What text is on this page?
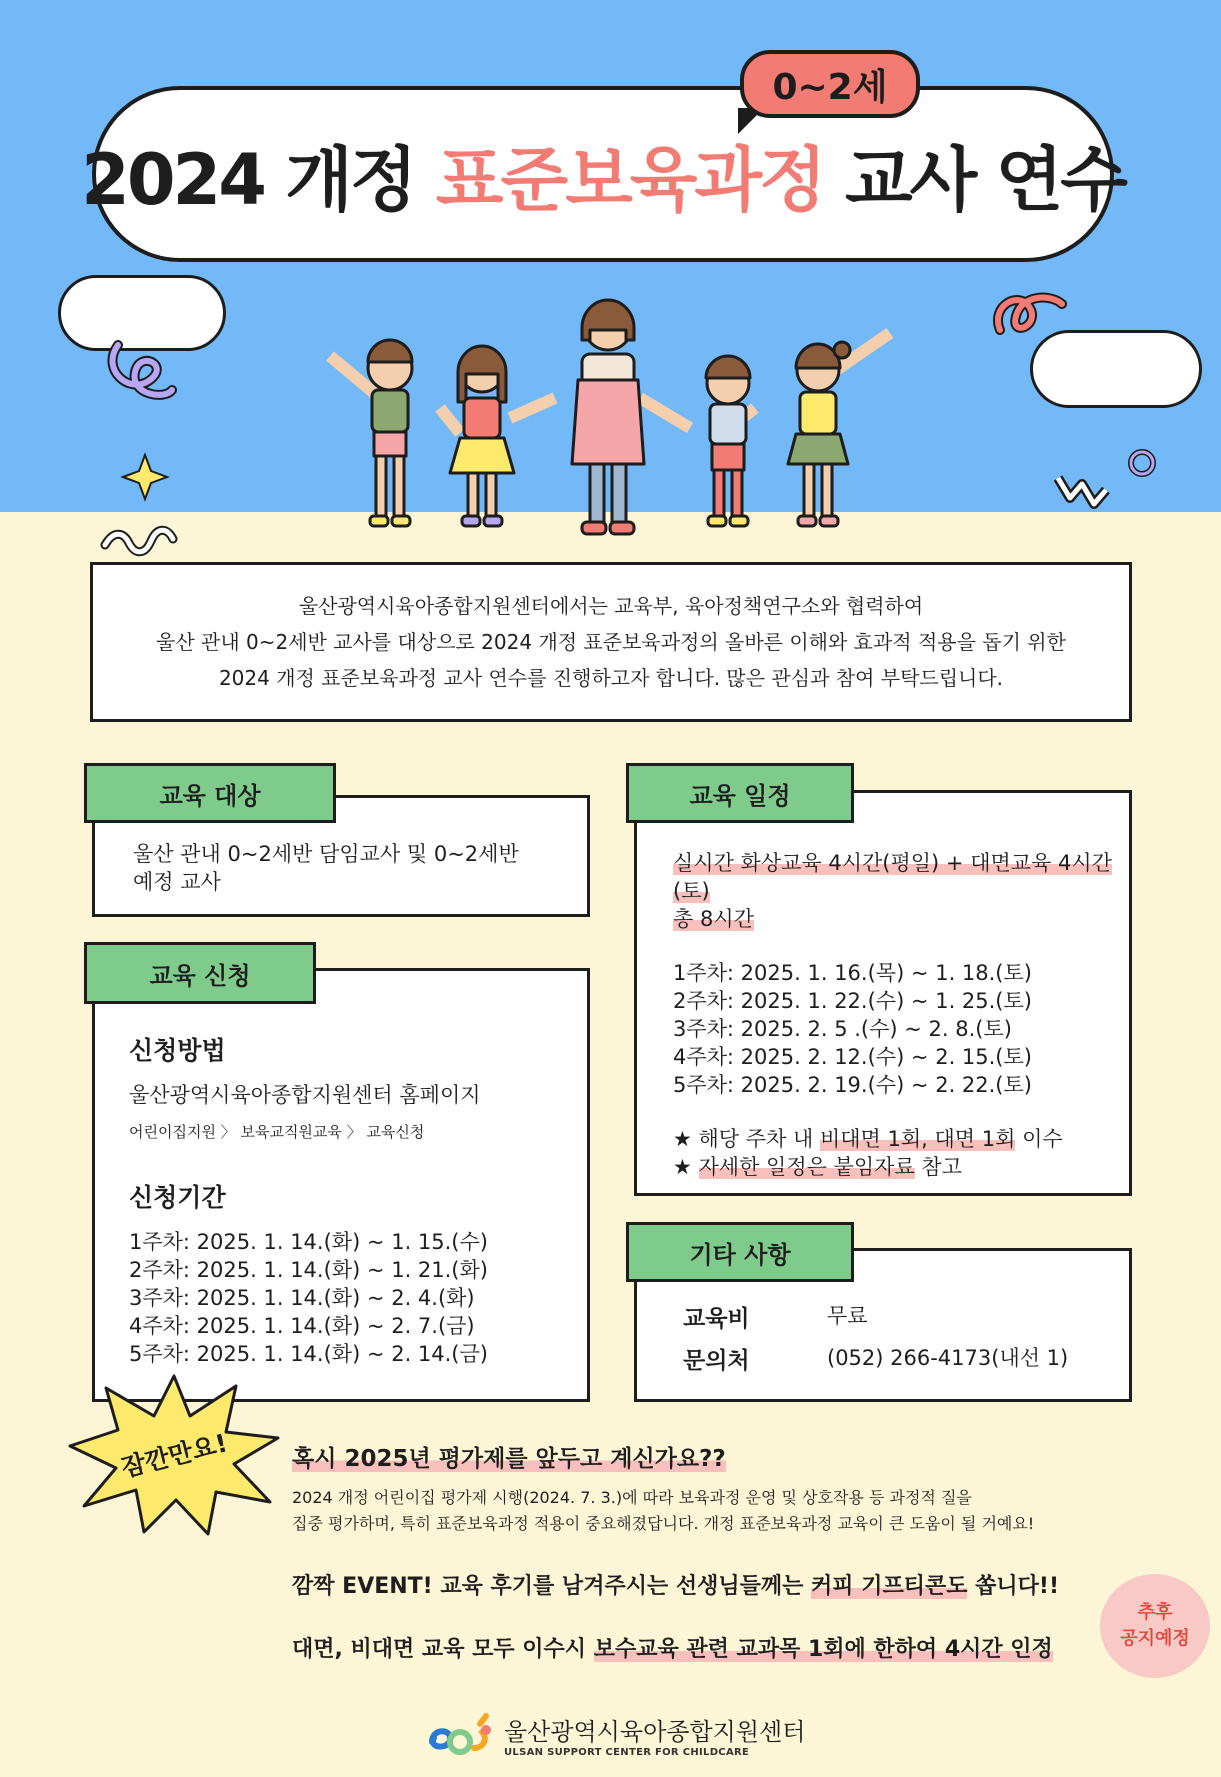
2024 개정 표준보육과정 교사 연수
0~2세
울산광역시육아종합지원센터에서는 교육부, 육아정책연구소와 협력하여
울산 관내 0~2세반 교사를 대상으로 2024 개정 표준보육과정의 올바른 이해와 효과적 적용을 돕기 위한
2024 개정 표준보육과정 교사 연수를 진행하고자 합니다. 많은 관심과 참여 부탁드립니다.
울산 관내 0~2세반 담임교사 및 0~2세반
예정 교사
교육 대상
신청방법
울산광역시육아종합지원센터 홈페이지
어린이집지원 〉 보육교직원교육 〉 교육신청
신청기간
1주차: 2025. 1. 14.(화) ~ 1. 15.(수)
2주차: 2025. 1. 14.(화) ~ 1. 21.(화)
3주차: 2025. 1. 14.(화) ~ 2. 4.(화)
4주차: 2025. 1. 14.(화) ~ 2. 7.(금)
5주차: 2025. 1. 14.(화) ~ 2. 14.(금)
교육 신청
실시간 화상교육 4시간(평일) + 대면교육 4시간(토)
총 8시간
1주차: 2025. 1. 16.(목) ~ 1. 18.(토)
2주차: 2025. 1. 22.(수) ~ 1. 25.(토)
3주차: 2025. 2. 5 .(수) ~ 2. 8.(토)
4주차: 2025. 2. 12.(수) ~ 2. 15.(토)
5주차: 2025. 2. 19.(수) ~ 2. 22.(토)
★ 해당 주차 내 비대면 1회, 대면 1회 이수
★ 자세한 일정은 붙임자료 참고
교육 일정
교육비	무료
문의처	(052) 266-4173(내선 1)
기타 사항
잠깐만요!	혹시 2025년 평가제를 앞두고 계신가요??
2024 개정 어린이집 평가제 시행(2024. 7. 3.)에 따라 보육과정 운영 및 상호작용 등 과정적 질을
집중 평가하며, 특히 표준보육과정 적용이 중요해졌답니다. 개정 표준보육과정 교육이 큰 도움이 될 거예요!
깜짝 EVENT! 교육 후기를 남겨주시는 선생님들께는 커피 기프티콘도 쏩니다!!
대면, 비대면 교육 모두 이수시 보수교육 관련 교과목 1회에 한하여 4시간 인정
추후
공지예정
울산광역시육아종합지원센터
ULSAN SUPPORT CENTER FOR CHILDCARE
